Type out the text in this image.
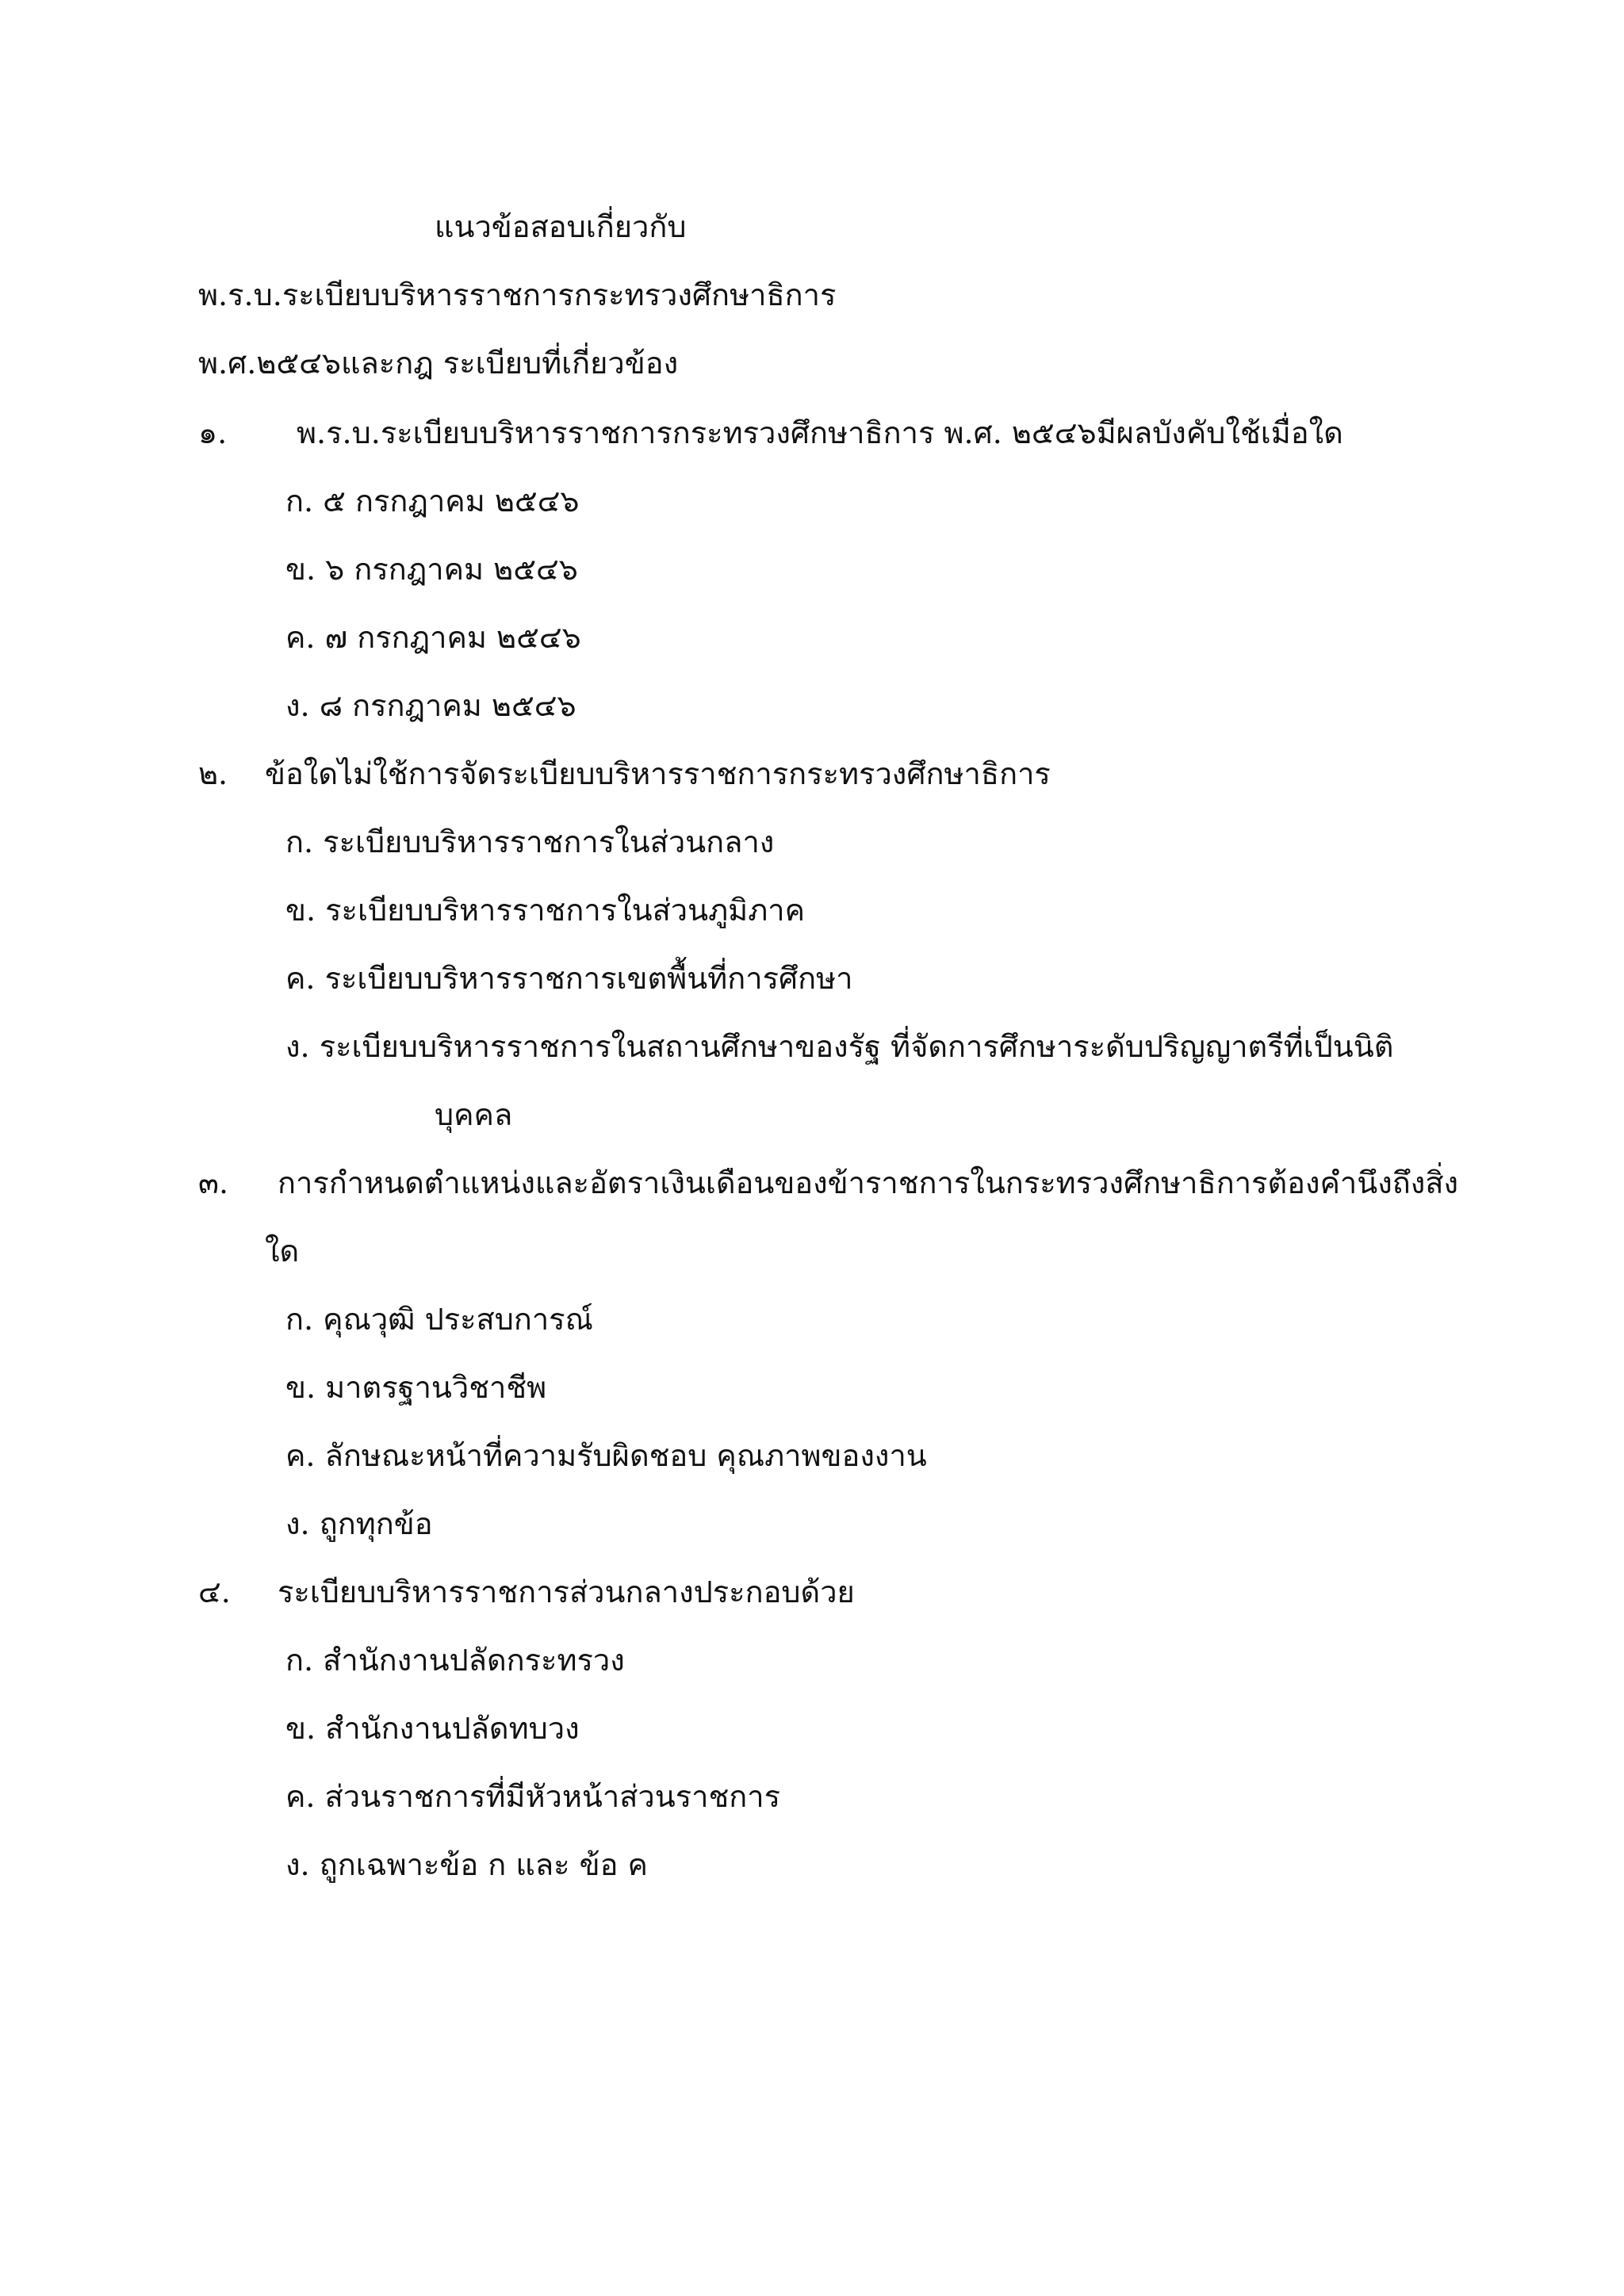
แนวข้อสอบเกี่ยวกับ
พ.ร.บ.ระเบียบบริหารราชการกระทรวงศึกษาธิการ
พ.ศ.๒๕๔๖และกฎ ระเบียบที่เกี่ยวข้อง
๑. พ.ร.บ.ระเบียบบริหารราชการกระทรวงศึกษาธิการ พ.ศ. ๒๕๔๖มีผลบังคับใช้เมื่อใด
ก. ๕ กรกฎาคม ๒๕๔๖
ข. ๖ กรกฎาคม ๒๕๔๖
ค. ๗ กรกฎาคม ๒๕๔๖
ง. ๘ กรกฎาคม ๒๕๔๖
๒. ข้อใดไม่ใช้การจัดระเบียบบริหารราชการกระทรวงศึกษาธิการ
ก. ระเบียบบริหารราชการในส่วนกลาง
ข. ระเบียบบริหารราชการในส่วนภูมิภาค
ค. ระเบียบบริหารราชการเขตพื้นที่การศึกษา
ง. ระเบียบบริหารราชการในสถานศึกษาของรัฐ ที่จัดการศึกษาระดับปริญญาตรีที่เป็นนิติ
บุคคล
๓. การกำหนดตำแหน่งและอัตราเงินเดือนของข้าราชการในกระทรวงศึกษาธิการต้องคำนึงถึงสิ่ง
ใด
ก. คุณวุฒิ ประสบการณ์
ข. มาตรฐานวิชาชีพ
ค. ลักษณะหน้าที่ความรับผิดชอบ คุณภาพของงาน
ง. ถูกทุกข้อ
๔. ระเบียบบริหารราชการส่วนกลางประกอบด้วย
ก. สำนักงานปลัดกระทรวง
ข. สำนักงานปลัดทบวง
ค. ส่วนราชการที่มีหัวหน้าส่วนราชการ
ง. ถูกเฉพาะข้อ ก และ ข้อ ค
